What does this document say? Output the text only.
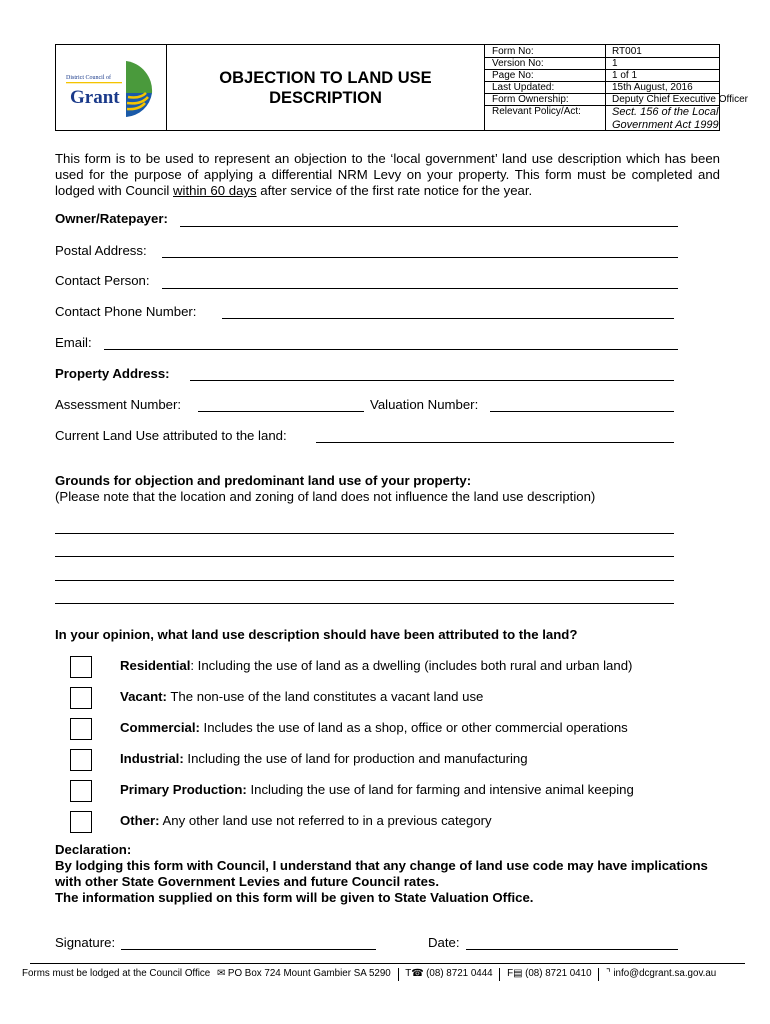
District Council of
Grant
OBJECTION TO LAND USE DESCRIPTION
Form No:	RT001
Version No:	1
Page No:	1 of 1
Last Updated:	15th August, 2016
Form Ownership:	Deputy Chief Executive Officer
Relevant Policy/Act:	Sect. 156 of the Local Government Act 1999
This form is to be used to represent an objection to the ‘local government’ land use description which has been used for the purpose of applying a differential NRM Levy on your property. This form must be completed and lodged with Council within 60 days after service of the first rate notice for the year.
Owner/Ratepayer:
Postal Address:
Contact Person:
Contact Phone Number:
Email:
Property Address:
Assessment Number:	Valuation Number:
Current Land Use attributed to the land:
Grounds for objection and predominant land use of your property:
(Please note that the location and zoning of land does not influence the land use description)
In your opinion, what land use description should have been attributed to the land?
Residential: Including the use of land as a dwelling (includes both rural and urban land)
Vacant: The non-use of the land constitutes a vacant land use
Commercial: Includes the use of land as a shop, office or other commercial operations
Industrial: Including the use of land for production and manufacturing
Primary Production: Including the use of land for farming and intensive animal keeping
Other: Any other land use not referred to in a previous category
Declaration:
By lodging this form with Council, I understand that any change of land use code may have implications with other State Government Levies and future Council rates.
The information supplied on this form will be given to State Valuation Office.
Signature:	Date:
Forms must be lodged at the Council Office ✉ PO Box 724 Mount Gambier SA 5290 T☎ (08) 8721 0444 F▤ (08) 8721 0410 ⌝ info@dcgrant.sa.gov.au
